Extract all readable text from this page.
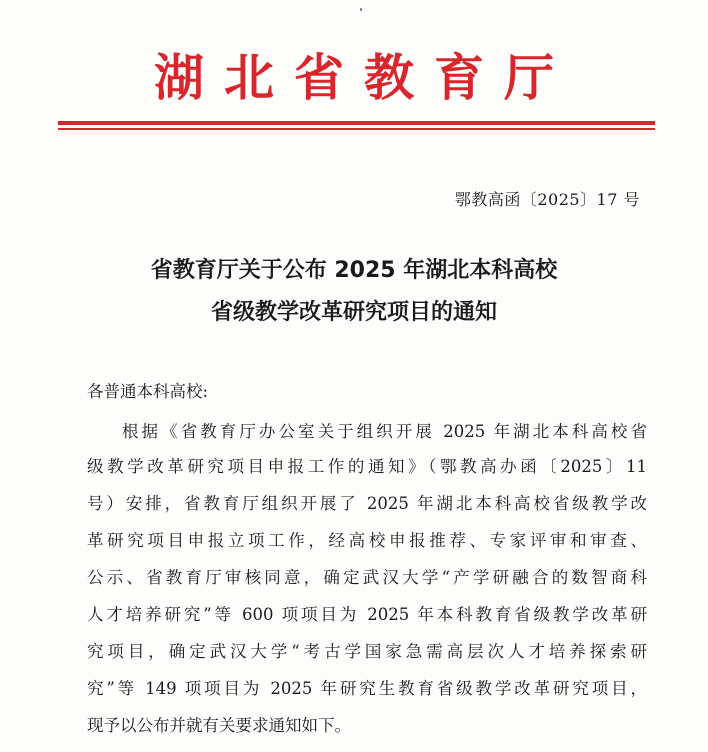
湖北省教育厅
鄂教高函〔2025〕17 号
省教育厅关于公布 2025 年湖北本科高校
省级教学改革研究项目的通知
各普通本科高校:
根据《省教育厅办公室关于组织开展 2025 年湖北本科高校省
级教学改革研究项目申报工作的通知》（鄂教高办函〔2025〕11
号）安排，省教育厅组织开展了 2025 年湖北本科高校省级教学改
革研究项目申报立项工作，经高校申报推荐、专家评审和审查、
公示、省教育厅审核同意，确定武汉大学“产学研融合的数智商科
人才培养研究”等 600 项项目为 2025 年本科教育省级教学改革研
究项目，确定武汉大学“考古学国家急需高层次人才培养探索研
究”等 149 项项目为 2025 年研究生教育省级教学改革研究项目，
现予以公布并就有关要求通知如下。
